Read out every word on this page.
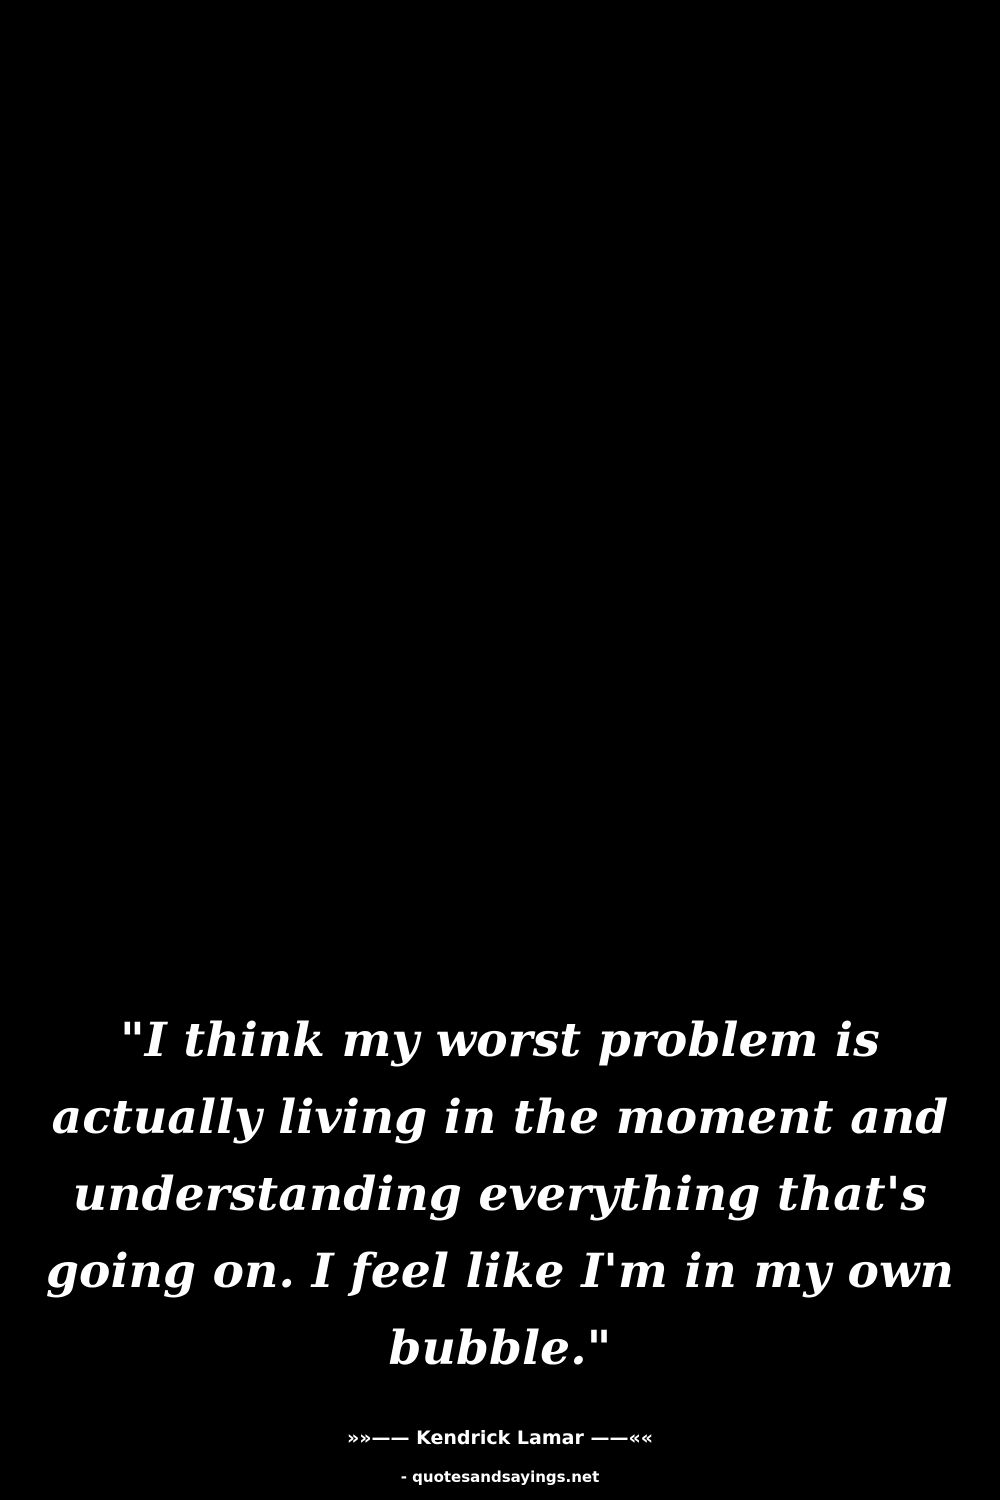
"I think my worst problem is actually living in the moment and understanding everything that's going on. I feel like I'm in my own bubble."

»»—— Kendrick Lamar ——««

- quotesandsayings.net
